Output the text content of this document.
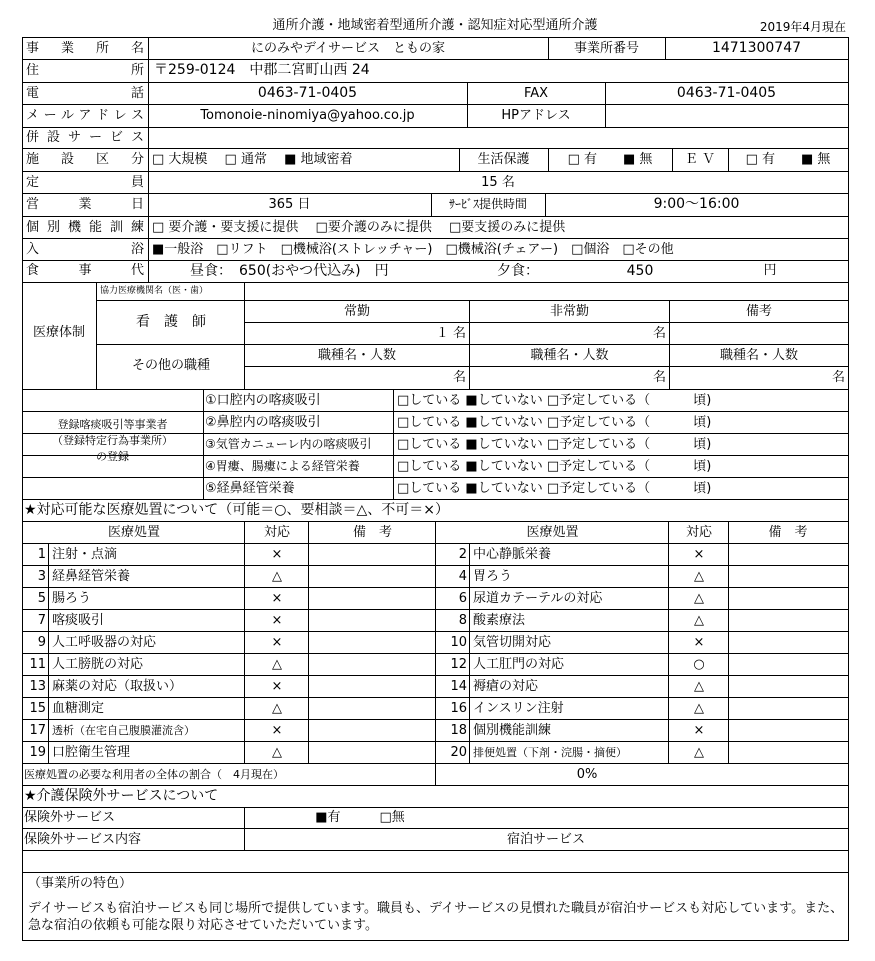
通所介護・地域密着型通所介護・認知症対応型通所介護	2019年4月現在
事業所名	にのみやデイサービス　ともの家	事業所番号	1471300747
住所 〒259-0124　中郡二宮町山西 24
電話	0463-71-0405	FAX	0463-71-0405
メールアドレス	Tomonoie-ninomiya@yahoo.co.jp	HPアドレス
併設サービス
施設区分 □ 大規模　 □ 通常　 ■ 地域密着	生活保護	□ 有　　■ 無	Ｅ Ｖ	□ 有　　■ 無
定員	15 名
営業日	365 日	ｻｰﾋﾞｽ提供時間	9:00～16:00
個別機能訓練 □ 要介護・要支援に提供　 □要介護のみに提供　 □要支援のみに提供
入浴 ■一般浴　□リフト　□機械浴(ストレッチャー)　□機械浴(チェアー)　□個浴　□その他
食事代	昼食：　650(おやつ代込み)　円	夕食：	450	円
医療体制
協力医療機関名（医・歯）
看　護　師
常勤	非常勤	備考
１ 名	名
その他の職種
職種名・人数	職種名・人数	職種名・人数
名	名	名
登録喀痰吸引等事業者
（登録特定行為事業所）
の登録
①口腔内の喀痰吸引	□している ■していない □予定している（　　　 頃)
②鼻腔内の喀痰吸引	□している ■していない □予定している（　　　 頃)
③気管カニューレ内の喀痰吸引	□している ■していない □予定している（　　　 頃)
④胃瘻、腸瘻による経管栄養	□している ■していない □予定している（　　　 頃)
⑤経鼻経管栄養	□している ■していない □予定している（　　　 頃)
★対応可能な医療処置について（可能＝○、要相談＝△、不可＝×）
医療処置	対応	備　考	医療処置	対応	備　考
1 注射・点滴	×	2 中心静脈栄養	×
3 経鼻経管栄養	△	4 胃ろう	△
5 腸ろう	×	6 尿道カテーテルの対応	△
7 喀痰吸引	×	8 酸素療法	△
9 人工呼吸器の対応	×	10 気管切開対応	×
11 人工膀胱の対応	△	12 人工肛門の対応	○
13 麻薬の対応（取扱い）	×	14 褥瘡の対応	△
15 血糖測定	△	16 インスリン注射	△
17 透析（在宅自己腹膜灌流含）	×	18 個別機能訓練	×
19 口腔衛生管理	△	20 排便処置（下剤・浣腸・摘便）	△
医療処置の必要な利用者の全体の割合（　4月現在）	0%
★介護保険外サービスについて
保険外サービス	■有　　　□無
保険外サービス内容	宿泊サービス
（事業所の特色）
デイサービスも宿泊サービスも同じ場所で提供しています。職員も、デイサービスの見慣れた職員が宿泊サービスも対応しています。また、急な宿泊の依頼も可能な限り対応させていただいています。
